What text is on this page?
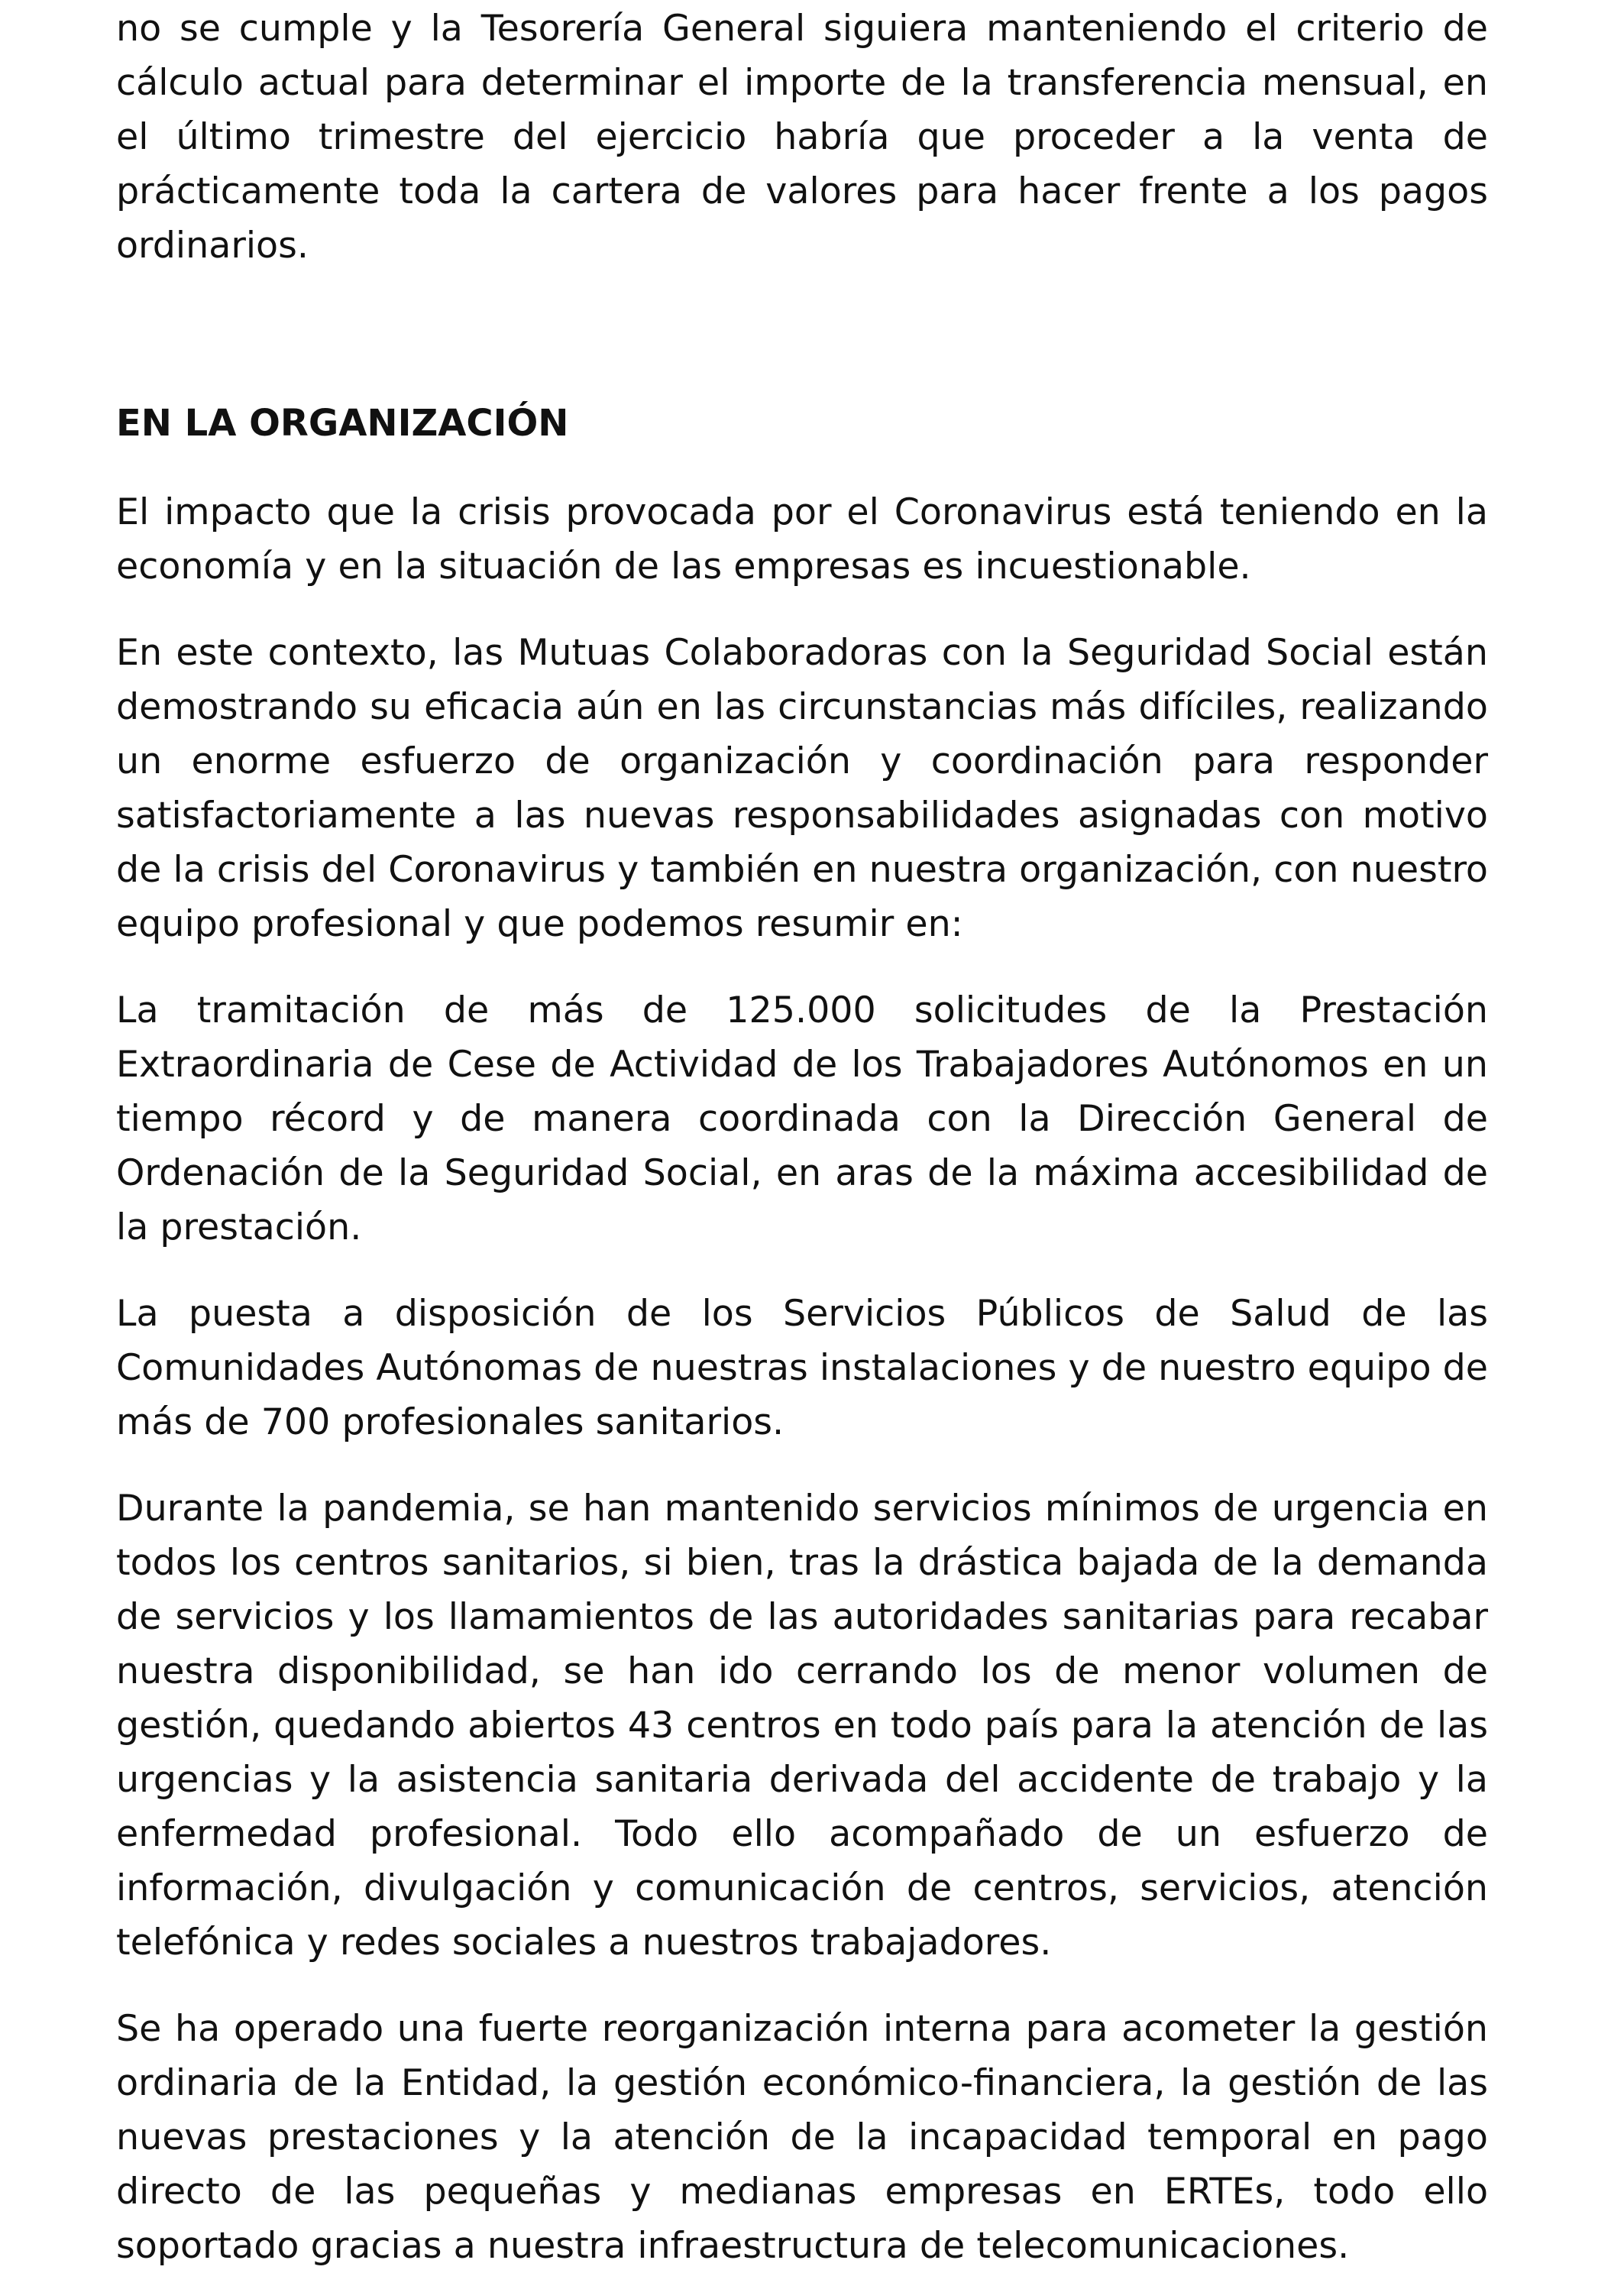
no se cumple y la Tesorería General siguiera manteniendo el criterio de cálculo actual para determinar el importe de la transferencia mensual, en el último trimestre del ejercicio habría que proceder a la venta de prácticamente toda la cartera de valores para hacer frente a los pagos ordinarios.

EN LA ORGANIZACIÓN

El impacto que la crisis provocada por el Coronavirus está teniendo en la economía y en la situación de las empresas es incuestionable.

En este contexto, las Mutuas Colaboradoras con la Seguridad Social están demostrando su eficacia aún en las circunstancias más difíciles, realizando un enorme esfuerzo de organización y coordinación para responder satisfactoriamente a las nuevas responsabilidades asignadas con motivo de la crisis del Coronavirus y también en nuestra organización, con nuestro equipo profesional y que podemos resumir en:

La tramitación de más de 125.000 solicitudes de la Prestación Extraordinaria de Cese de Actividad de los Trabajadores Autónomos en un tiempo récord y de manera coordinada con la Dirección General de Ordenación de la Seguridad Social, en aras de la máxima accesibilidad de la prestación.

La puesta a disposición de los Servicios Públicos de Salud de las Comunidades Autónomas de nuestras instalaciones y de nuestro equipo de más de 700 profesionales sanitarios.

Durante la pandemia, se han mantenido servicios mínimos de urgencia en todos los centros sanitarios, si bien, tras la drástica bajada de la demanda de servicios y los llamamientos de las autoridades sanitarias para recabar nuestra disponibilidad, se han ido cerrando los de menor volumen de gestión, quedando abiertos 43 centros en todo país para la atención de las urgencias y la asistencia sanitaria derivada del accidente de trabajo y la enfermedad profesional. Todo ello acompañado de un esfuerzo de información, divulgación y comunicación de centros, servicios, atención telefónica y redes sociales a nuestros trabajadores.

Se ha operado una fuerte reorganización interna para acometer la gestión ordinaria de la Entidad, la gestión económico-financiera, la gestión de las nuevas prestaciones y la atención de la incapacidad temporal en pago directo de las pequeñas y medianas empresas en ERTEs, todo ello soportado gracias a nuestra infraestructura de telecomunicaciones.
